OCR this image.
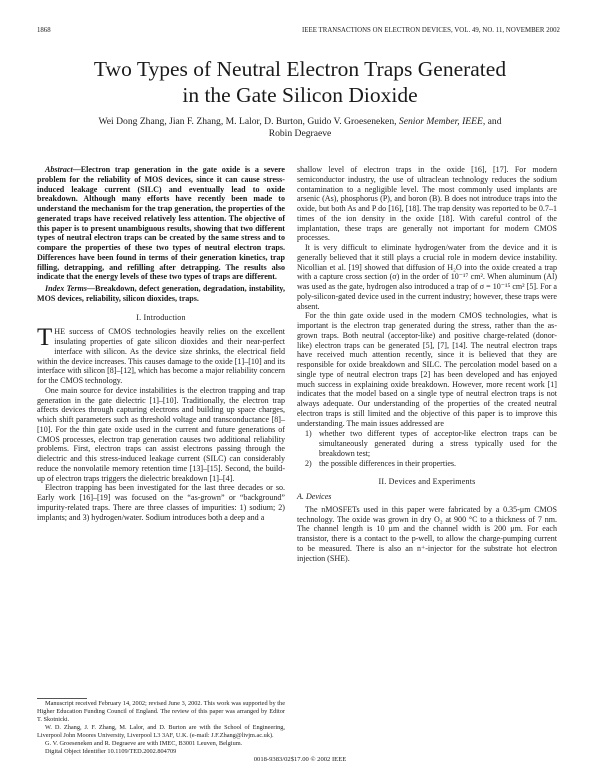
1868	IEEE TRANSACTIONS ON ELECTRON DEVICES, VOL. 49, NO. 11, NOVEMBER 2002
Two Types of Neutral Electron Traps Generated
in the Gate Silicon Dioxide
Wei Dong Zhang, Jian F. Zhang, M. Lalor, D. Burton, Guido V. Groeseneken, Senior Member, IEEE, and
Robin Degraeve

Abstract—Electron trap generation in the gate oxide is a severe problem for the reliability of MOS devices, since it can cause stress-induced leakage current (SILC) and eventually lead to oxide breakdown. Although many efforts have recently been made to understand the mechanism for the trap generation, the properties of the generated traps have received relatively less attention. The objective of this paper is to present unambiguous results, showing that two different types of neutral electron traps can be created by the same stress and to compare the properties of these two types of neutral electron traps. Differences have been found in terms of their generation kinetics, trap filling, detrapping, and refilling after detrapping. The results also indicate that the energy levels of these two types of traps are different.

Index Terms—Breakdown, defect generation, degradation, instability, MOS devices, reliability, silicon dioxides, traps.

I. Introduction

THE success of CMOS technologies heavily relies on the excellent insulating properties of gate silicon dioxides and their near-perfect interface with silicon. As the device size shrinks, the electrical field within the device increases. This causes damage to the oxide [1]–[10] and its interface with silicon [8]–[12], which has become a major reliability concern for the CMOS technology.

One main source for device instabilities is the electron trapping and trap generation in the gate dielectric [1]–[10]. Traditionally, the electron trap affects devices through capturing electrons and building up space charges, which shift parameters such as threshold voltage and transconductance [8]–[10]. For the thin gate oxide used in the current and future generations of CMOS processes, electron trap generation causes two additional reliability problems. First, electron traps can assist electrons passing through the dielectric and this stress-induced leakage current (SILC) can considerably reduce the nonvolatile memory retention time [13]–[15]. Second, the build-up of electron traps triggers the dielectric breakdown [1]–[4].

Electron trapping has been investigated for the last three decades or so. Early work [16]–[19] was focused on the “as-grown” or “background” impurity-related traps. There are three classes of impurities: 1) sodium; 2) implants; and 3) hydrogen/water. Sodium introduces both a deep and a

shallow level of electron traps in the oxide [16], [17]. For modern semiconductor industry, the use of ultraclean technology reduces the sodium contamination to a negligible level. The most commonly used implants are arsenic (As), phosphorus (P), and boron (B). B does not introduce traps into the oxide, but both As and P do [16], [18]. The trap density was reported to be 0.7–1 times of the ion density in the oxide [18]. With careful control of the implantation, these traps are generally not important for modern CMOS processes.

It is very difficult to eliminate hydrogen/water from the device and it is generally believed that it still plays a crucial role in modern device instability. Nicollian et al. [19] showed that diffusion of H₂O into the oxide created a trap with a capture cross section (σ) in the order of 10⁻¹⁷ cm². When aluminum (Al) was used as the gate, hydrogen also introduced a trap of σ = 10⁻¹⁵ cm² [5]. For a poly-silicon-gated device used in the current industry; however, these traps were absent.

For the thin gate oxide used in the modern CMOS technologies, what is important is the electron trap generated during the stress, rather than the as-grown traps. Both neutral (acceptor-like) and positive charge-related (donor-like) electron traps can be generated [5], [7], [14]. The neutral electron traps have received much attention recently, since it is believed that they are responsible for oxide breakdown and SILC. The percolation model based on a single type of neutral electron traps [2] has been developed and has enjoyed much success in explaining oxide breakdown. However, more recent work [1] indicates that the model based on a single type of neutral electron traps is not always adequate. Our understanding of the properties of the created neutral electron traps is still limited and the objective of this paper is to improve this understanding. The main issues addressed are

1) whether two different types of acceptor-like electron traps can be simultaneously generated during a stress typically used for the breakdown test;
2) the possible differences in their properties.
II. Devices and Experiments
A. Devices

The nMOSFETs used in this paper were fabricated by a 0.35-μm CMOS technology. The oxide was grown in dry O₂ at 900 °C to a thickness of 7 nm. The channel length is 10 μm and the channel width is 200 μm. For each transistor, there is a contact to the p-well, to allow the charge-pumping current to be measured. There is also an n⁺-injector for the substrate hot electron injection (SHE).

Manuscript received February 14, 2002; revised June 3, 2002. This work was supported by the Higher Education Funding Council of England. The review of this paper was arranged by Editor T. Skotnicki.

W. D. Zhang, J. F. Zhang, M. Lalor, and D. Burton are with the School of Engineering, Liverpool John Moores University, Liverpool L3 3AF, U.K. (e-mail: J.F.Zhang@livjm.ac.uk).

G. V. Groeseneken and R. Degraeve are with IMEC, B3001 Leuven, Belgium.

Digital Object Identifier 10.1109/TED.2002.804709

0018-9383/02$17.00 © 2002 IEEE
